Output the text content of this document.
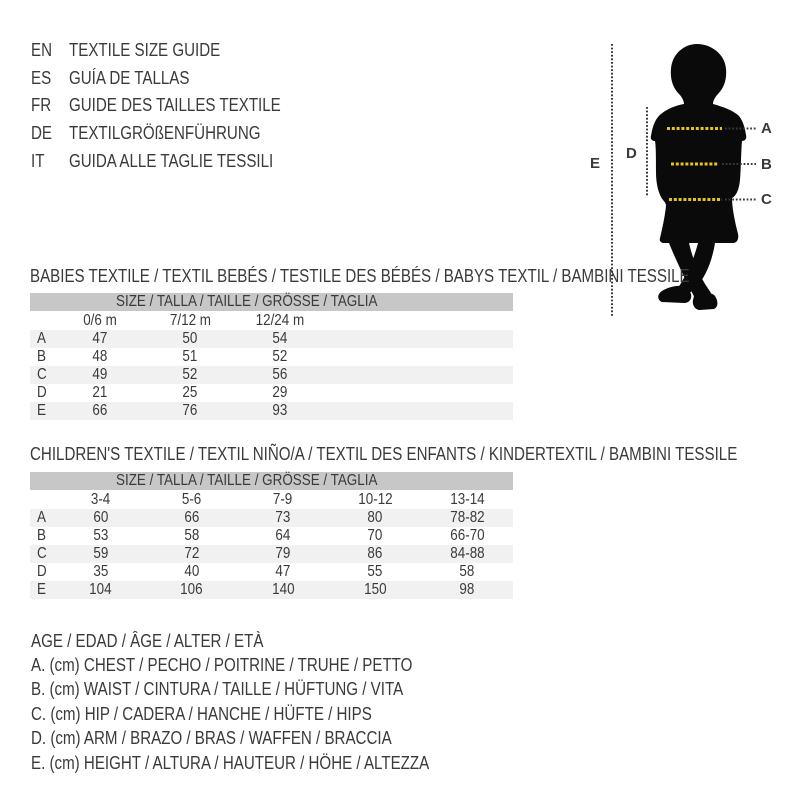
EN TEXTILE SIZE GUIDE
ES GUÍA DE TALLAS
FR GUIDE DES TAILLES TEXTILE
DE TEXTILGRÖßENFÜHRUNG
IT	GUIDA ALLE TAGLIE TESSILI
A
B
C
D
E
BABIES TEXTILE / TEXTIL BEBÉS / TESTILE DES BÉBÉS / BABYS TEXTIL / BAMBINI TESSILE
SIZE / TALLA / TAILLE / GRÖSSE / TAGLIA				
	0/6 m	7/12 m	12/24 m	
A	47	50	54	
B	48	51	52	
C	49	52	56	
D	21	25	29	
E	66	76	93	
CHILDREN'S TEXTILE / TEXTIL NIÑO/A / TEXTIL DES ENFANTS / KINDERTEXTIL / BAMBINI TESSILE
SIZE / TALLA / TAILLE / GRÖSSE / TAGLIA					
	3-4	5-6	7-9	10-12	13-14
A	60	66	73	80	78-82
B	53	58	64	70	66-70
C	59	72	79	86	84-88
D	35	40	47	55	58
E	104	106	140	150	98
AGE / EDAD / ÂGE / ALTER / ETÀ
A. (cm) CHEST / PECHO / POITRINE / TRUHE / PETTO
B. (cm) WAIST / CINTURA / TAILLE / HÜFTUNG / VITA
C. (cm) HIP / CADERA / HANCHE / HÜFTE / HIPS
D. (cm) ARM / BRAZO / BRAS / WAFFEN / BRACCIA
E. (cm) HEIGHT / ALTURA / HAUTEUR / HÖHE / ALTEZZA
